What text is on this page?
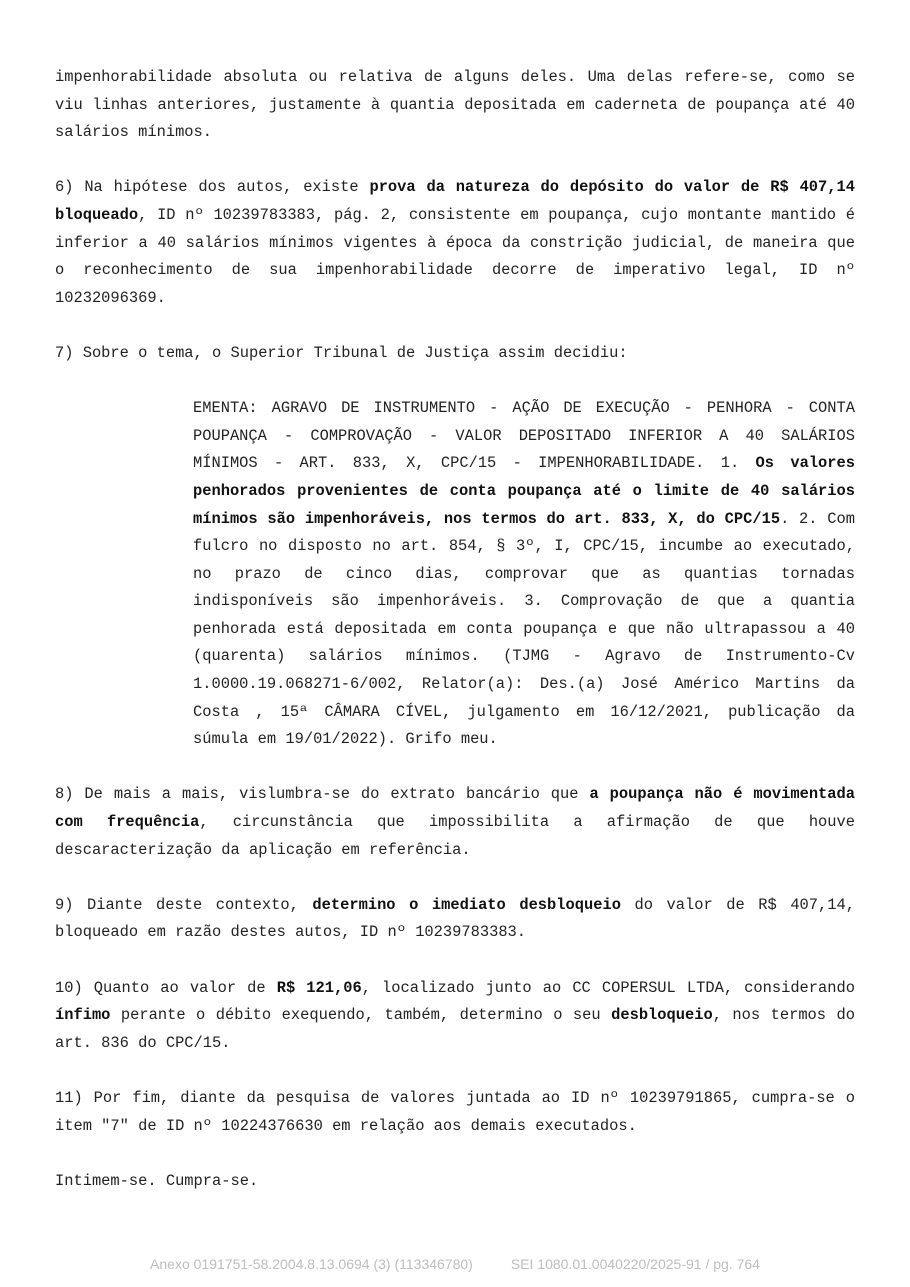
impenhorabilidade absoluta ou relativa de alguns deles. Uma delas refere-se, como se viu linhas anteriores, justamente à quantia depositada em caderneta de poupança até 40 salários mínimos.

6) Na hipótese dos autos, existe prova da natureza do depósito do valor de R$ 407,14 bloqueado, ID nº 10239783383, pág. 2, consistente em poupança, cujo montante mantido é inferior a 40 salários mínimos vigentes à época da constrição judicial, de maneira que o reconhecimento de sua impenhorabilidade decorre de imperativo legal, ID nº 10232096369.

7) Sobre o tema, o Superior Tribunal de Justiça assim decidiu:

EMENTA: AGRAVO DE INSTRUMENTO - AÇÃO DE EXECUÇÃO - PENHORA - CONTA POUPANÇA - COMPROVAÇÃO - VALOR DEPOSITADO INFERIOR A 40 SALÁRIOS MÍNIMOS - ART. 833, X, CPC/15 - IMPENHORABILIDADE. 1. Os valores penhorados provenientes de conta poupança até o limite de 40 salários mínimos são impenhoráveis, nos termos do art. 833, X, do CPC/15. 2. Com fulcro no disposto no art. 854, § 3º, I, CPC/15, incumbe ao executado, no prazo de cinco dias, comprovar que as quantias tornadas indisponíveis são impenhoráveis. 3. Comprovação de que a quantia penhorada está depositada em conta poupança e que não ultrapassou a 40 (quarenta) salários mínimos. (TJMG - Agravo de Instrumento-Cv 1.0000.19.068271-6/002, Relator(a): Des.(a) José Américo Martins da Costa , 15ª CÂMARA CÍVEL, julgamento em 16/12/2021, publicação da súmula em 19/01/2022). Grifo meu.

8) De mais a mais, vislumbra-se do extrato bancário que a poupança não é movimentada com frequência, circunstância que impossibilita a afirmação de que houve descaracterização da aplicação em referência.

9) Diante deste contexto, determino o imediato desbloqueio do valor de R$ 407,14, bloqueado em razão destes autos, ID nº 10239783383.

10) Quanto ao valor de R$ 121,06, localizado junto ao CC COPERSUL LTDA, considerando ínfimo perante o débito exequendo, também, determino o seu desbloqueio, nos termos do art. 836 do CPC/15.

11) Por fim, diante da pesquisa de valores juntada ao ID nº 10239791865, cumpra-se o item "7" de ID nº 10224376630 em relação aos demais executados.

Intimem-se. Cumpra-se.

Anexo 0191751-58.2004.8.13.0694 (3) (113346780)	SEI 1080.01.0040220/2025-91 / pg. 764
